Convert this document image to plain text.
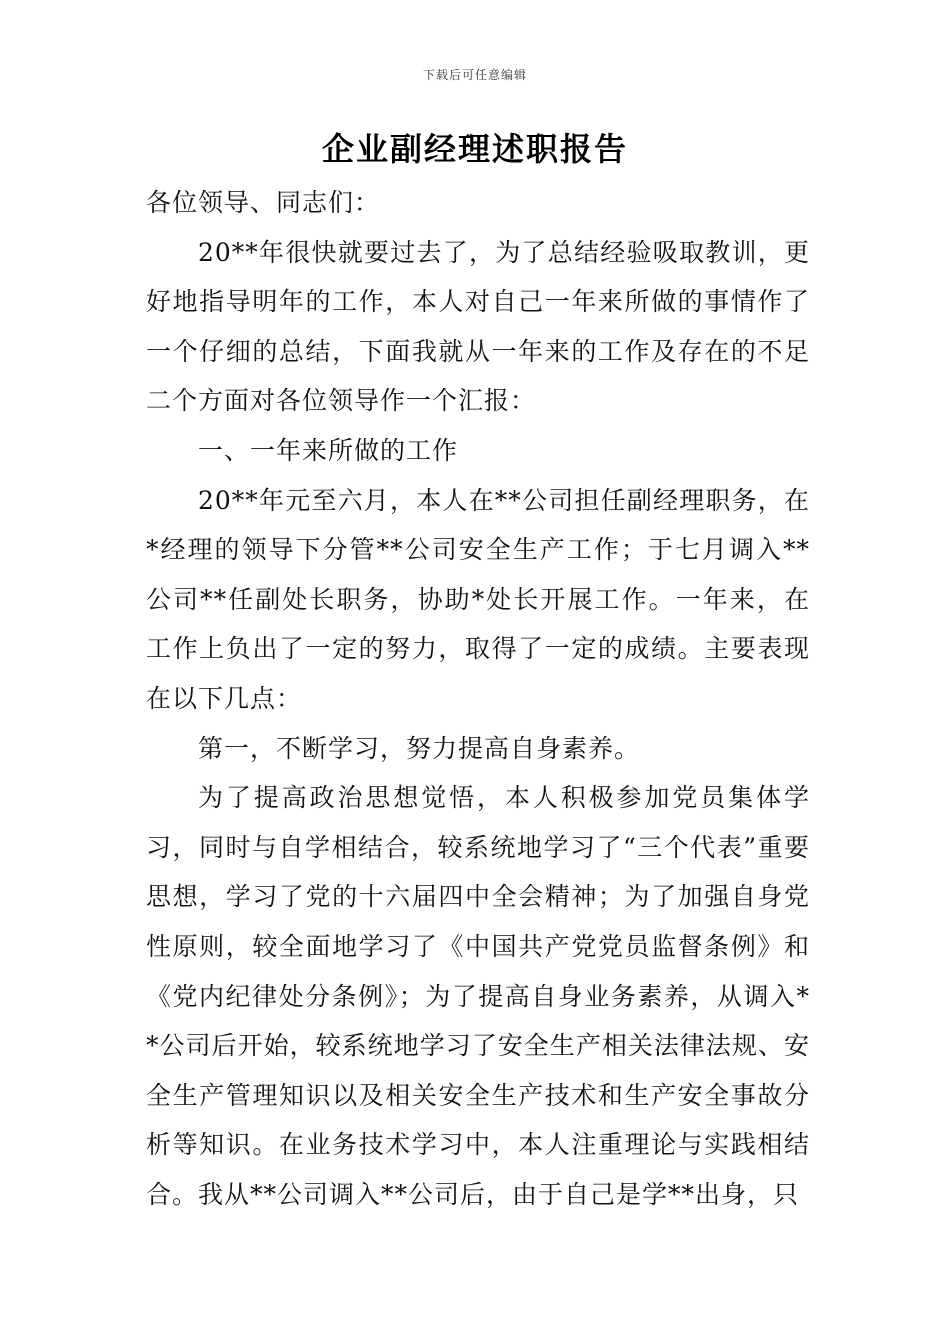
下载后可任意编辑
企业副经理述职报告

各位领导、同志们：

20**年很快就要过去了，为了总结经验吸取教训，更好地指导明年的工作，本人对自己一年来所做的事情作了一个仔细的总结，下面我就从一年来的工作及存在的不足二个方面对各位领导作一个汇报：

一、一年来所做的工作

20**年元至六月，本人在**公司担任副经理职务，在*经理的领导下分管**公司安全生产工作；于七月调入**公司**任副处长职务，协助*处长开展工作。一年来，在工作上负出了一定的努力，取得了一定的成绩。主要表现在以下几点：

第一，不断学习，努力提高自身素养。

为了提高政治思想觉悟，本人积极参加党员集体学习，同时与自学相结合，较系统地学习了“三个代表”重要思想，学习了党的十六届四中全会精神；为了加强自身党性原则，较全面地学习了《中国共产党党员监督条例》和《党内纪律处分条例》；为了提高自身业务素养，从调入**公司后开始，较系统地学习了安全生产相关法律法规、安全生产管理知识以及相关安全生产技术和生产安全事故分析等知识。在业务技术学习中，本人注重理论与实践相结合。我从**公司调入**公司后，由于自己是学**出身，只
